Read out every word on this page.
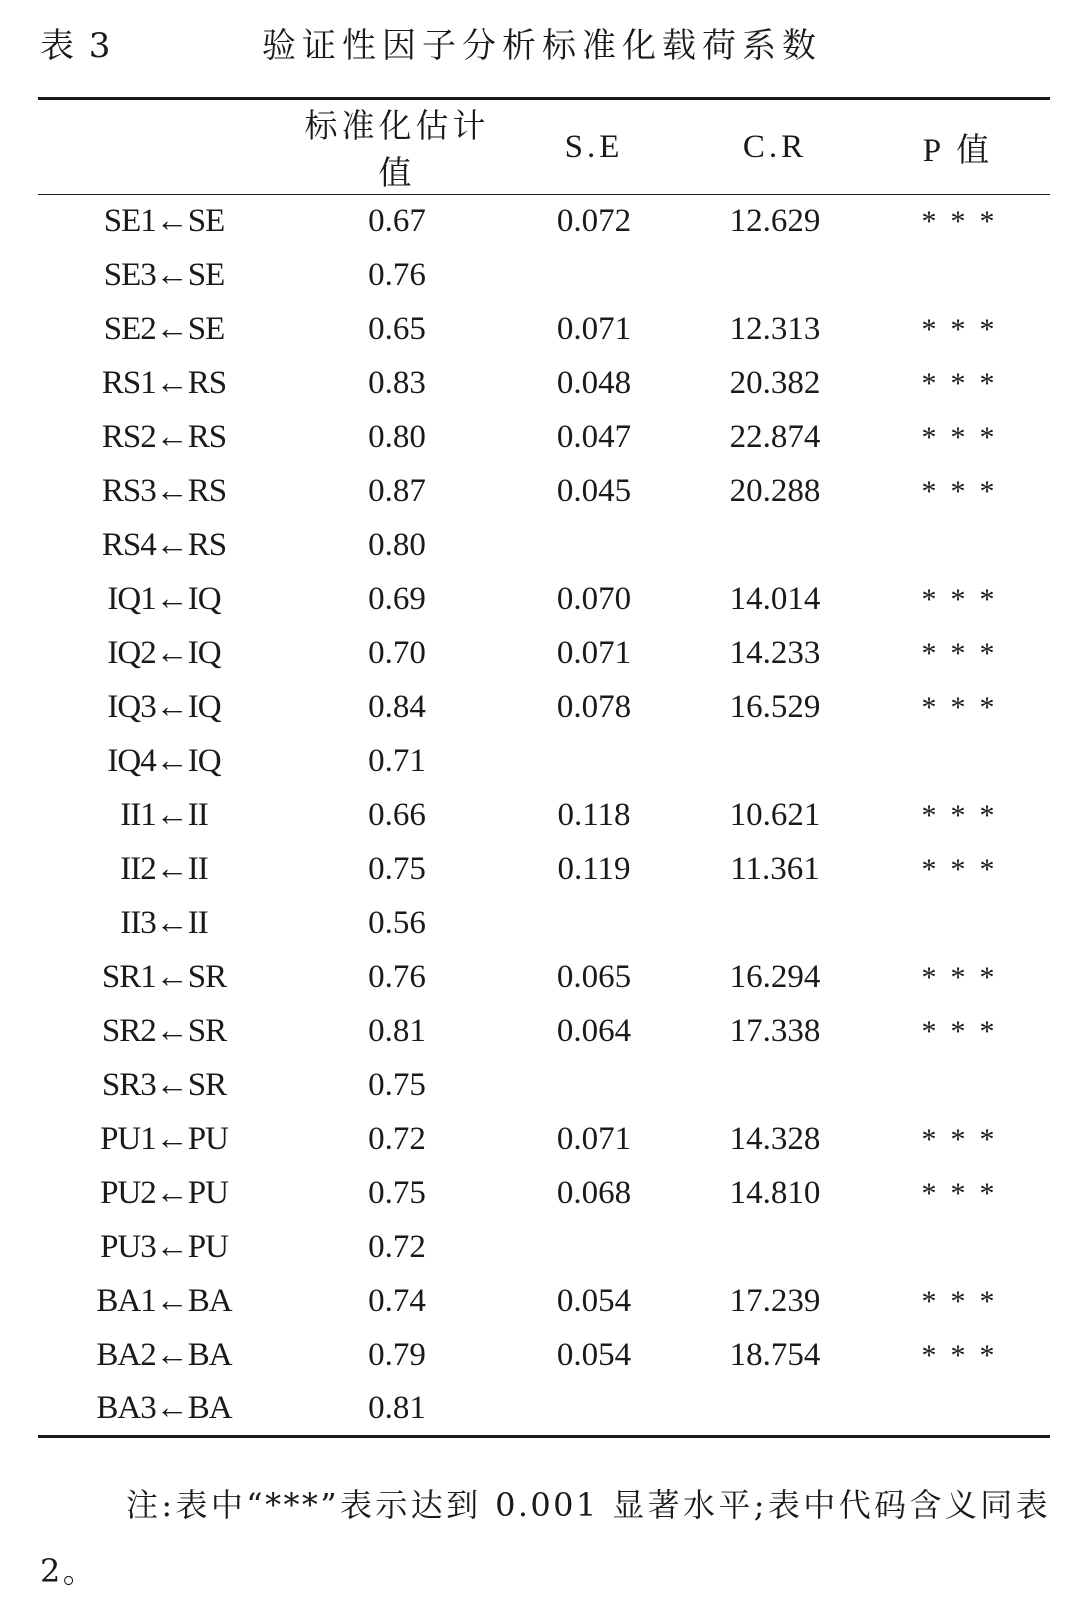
表 3	验证性因子分析标准化载荷系数
	标准化估计值	S.E	C.R	P 值
SE1←SE	0.67	0.072	12.629	***
SE3←SE	0.76			
SE2←SE	0.65	0.071	12.313	***
RS1←RS	0.83	0.048	20.382	***
RS2←RS	0.80	0.047	22.874	***
RS3←RS	0.87	0.045	20.288	***
RS4←RS	0.80			
IQ1←IQ	0.69	0.070	14.014	***
IQ2←IQ	0.70	0.071	14.233	***
IQ3←IQ	0.84	0.078	16.529	***
IQ4←IQ	0.71			
II1←II	0.66	0.118	10.621	***
II2←II	0.75	0.119	11.361	***
II3←II	0.56			
SR1←SR	0.76	0.065	16.294	***
SR2←SR	0.81	0.064	17.338	***
SR3←SR	0.75			
PU1←PU	0.72	0.071	14.328	***
PU2←PU	0.75	0.068	14.810	***
PU3←PU	0.72			
BA1←BA	0.74	0.054	17.239	***
BA2←BA	0.79	0.054	18.754	***
BA3←BA	0.81			

注:表中“***”表示达到 0.001 显著水平;表中代码含义同表 2。
